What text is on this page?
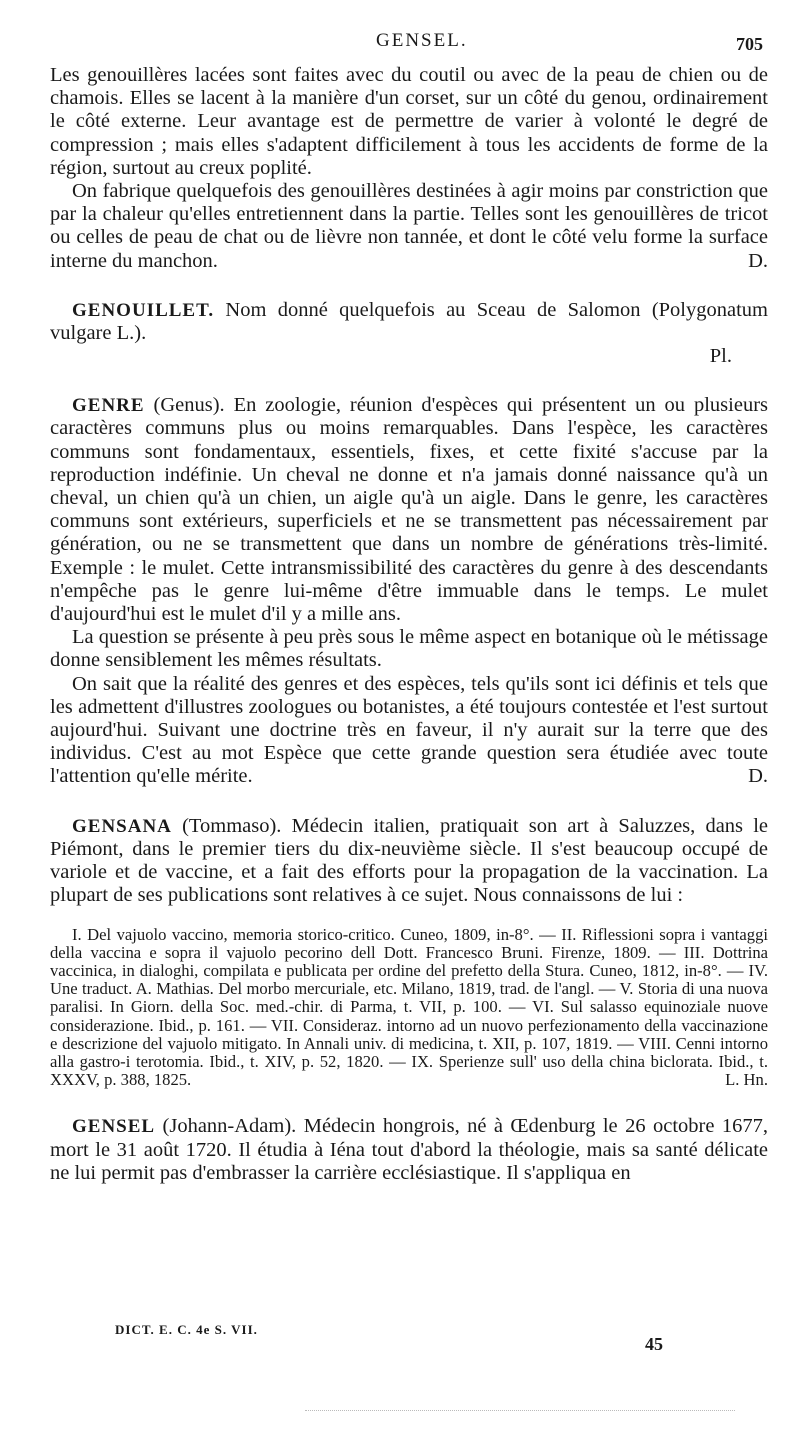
GENSEL.	705

Les genouillères lacées sont faites avec du coutil ou avec de la peau de chien ou de chamois. Elles se lacent à la manière d'un corset, sur un côté du genou, ordinairement le côté externe. Leur avantage est de permettre de varier à volonté le degré de compression ; mais elles s'adaptent difficilement à tous les accidents de forme de la région, surtout au creux poplité.

On fabrique quelquefois des genouillères destinées à agir moins par constriction que par la chaleur qu'elles entretiennent dans la partie. Telles sont les genouillères de tricot ou celles de peau de chat ou de lièvre non tannée, et dont le côté velu forme la surface interne du manchon.	D.

GENOUILLET. Nom donné quelquefois au Sceau de Salomon (Polygonatum vulgare L.).

Pl.

GENRE (Genus). En zoologie, réunion d'espèces qui présentent un ou plusieurs caractères communs plus ou moins remarquables. Dans l'espèce, les caractères communs sont fondamentaux, essentiels, fixes, et cette fixité s'accuse par la reproduction indéfinie. Un cheval ne donne et n'a jamais donné naissance qu'à un cheval, un chien qu'à un chien, un aigle qu'à un aigle. Dans le genre, les caractères communs sont extérieurs, superficiels et ne se transmettent pas nécessairement par génération, ou ne se transmettent que dans un nombre de générations très-limité. Exemple : le mulet. Cette intransmissibilité des caractères du genre à des descendants n'empêche pas le genre lui-même d'être immuable dans le temps. Le mulet d'aujourd'hui est le mulet d'il y a mille ans.

La question se présente à peu près sous le même aspect en botanique où le métissage donne sensiblement les mêmes résultats.

On sait que la réalité des genres et des espèces, tels qu'ils sont ici définis et tels que les admettent d'illustres zoologues ou botanistes, a été toujours contestée et l'est surtout aujourd'hui. Suivant une doctrine très en faveur, il n'y aurait sur la terre que des individus. C'est au mot Espèce que cette grande question sera étudiée avec toute l'attention qu'elle mérite.	D.

GENSANA (Tommaso). Médecin italien, pratiquait son art à Saluzzes, dans le Piémont, dans le premier tiers du dix-neuvième siècle. Il s'est beaucoup occupé de variole et de vaccine, et a fait des efforts pour la propagation de la vaccination. La plupart de ses publications sont relatives à ce sujet. Nous connaissons de lui :

I. Del vajuolo vaccino, memoria storico-critico. Cuneo, 1809, in-8°. — II. Riflessioni sopra i vantaggi della vaccina e sopra il vajuolo pecorino dell Dott. Francesco Bruni. Firenze, 1809. — III. Dottrina vaccinica, in dialoghi, compilata e publicata per ordine del prefetto della Stura. Cuneo, 1812, in-8°. — IV. Une traduct. A. Mathias. Del morbo mercuriale, etc. Milano, 1819, trad. de l'angl. — V. Storia di una nuova paralisi. In Giorn. della Soc. med.-chir. di Parma, t. VII, p. 100. — VI. Sul salasso equinoziale nuove considerazione. Ibid., p. 161. — VII. Consideraz. intorno ad un nuovo perfezionamento della vaccinazione e descrizione del vajuolo mitigato. In Annali univ. di medicina, t. XII, p. 107, 1819. — VIII. Cenni intorno alla gastro-i terotomia. Ibid., t. XIV, p. 52, 1820. — IX. Sperienze sull' uso della china biclorata. Ibid., t. XXXV, p. 388, 1825.	L. Hn.

GENSEL (Johann-Adam). Médecin hongrois, né à Œdenburg le 26 octobre 1677, mort le 31 août 1720. Il étudia à Iéna tout d'abord la théologie, mais sa santé délicate ne lui permit pas d'embrasser la carrière ecclésiastique. Il s'appliqua en

DICT. E. C. 4e S. VII.
45
